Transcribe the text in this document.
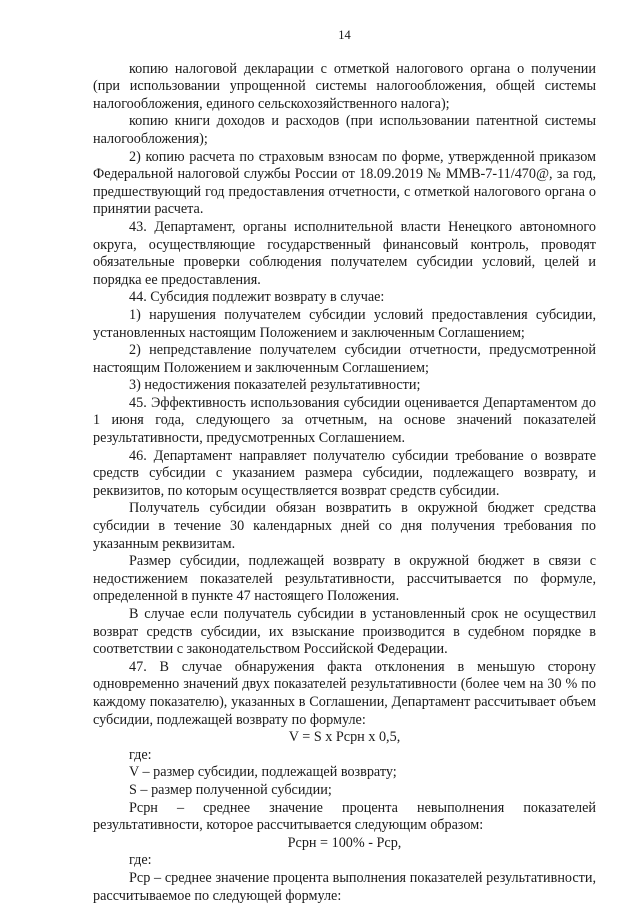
14

копию налоговой декларации с отметкой налогового органа о получении (при использовании упрощенной системы налогообложения, общей системы налогообложения, единого сельскохозяйственного налога);

копию книги доходов и расходов (при использовании патентной системы налогообложения);

2) копию расчета по страховым взносам по форме, утвержденной приказом Федеральной налоговой службы России от 18.09.2019 № ММВ-7-11/470@, за год, предшествующий год предоставления отчетности, с отметкой налогового органа о принятии расчета.

43. Департамент, органы исполнительной власти Ненецкого автономного округа, осуществляющие государственный финансовый контроль, проводят обязательные проверки соблюдения получателем субсидии условий, целей и порядка ее предоставления.

44. Субсидия подлежит возврату в случае:

1) нарушения получателем субсидии условий предоставления субсидии, установленных настоящим Положением и заключенным Соглашением;

2) непредставление получателем субсидии отчетности, предусмотренной настоящим Положением и заключенным Соглашением;

3) недостижения показателей результативности;

45. Эффективность использования субсидии оценивается Департаментом до 1 июня года, следующего за отчетным, на основе значений показателей результативности, предусмотренных Соглашением.

46. Департамент направляет получателю субсидии требование о возврате средств субсидии с указанием размера субсидии, подлежащего возврату, и реквизитов, по которым осуществляется возврат средств субсидии.

Получатель субсидии обязан возвратить в окружной бюджет средства субсидии в течение 30 календарных дней со дня получения требования по указанным реквизитам.

Размер субсидии, подлежащей возврату в окружной бюджет в связи с недостижением показателей результативности, рассчитывается по формуле, определенной в пункте 47 настоящего Положения.

В случае если получатель субсидии в установленный срок не осуществил возврат средств субсидии, их взыскание производится в судебном порядке в соответствии с законодательством Российской Федерации.

47. В случае обнаружения факта отклонения в меньшую сторону одновременно значений двух показателей результативности (более чем на 30 % по каждому показателю), указанных в Соглашении, Департамент рассчитывает объем субсидии, подлежащей возврату по формуле:

V = S x Pcpн x 0,5,

где:

V – размер субсидии, подлежащей возврату;

S – размер полученной субсидии;

Рсрн – среднее значение процента невыполнения показателей результативности, которое рассчитывается следующим образом:

Рсрн = 100% - Рср,

где:

Рср – среднее значение процента выполнения показателей результативности, рассчитываемое по следующей формуле:
